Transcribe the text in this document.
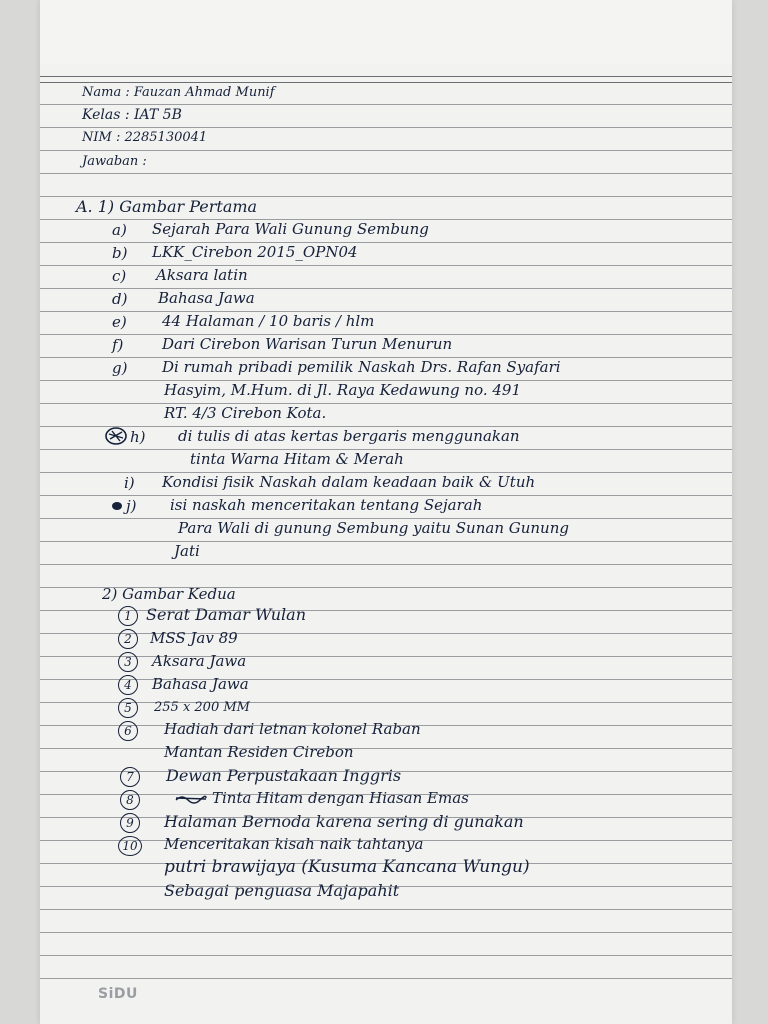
Nama : Fauzan Ahmad Munif
Kelas : IAT 5B
NIM : 2285130041
Jawaban :
A. 1) Gambar Pertama
a) Sejarah Para Wali Gunung Sembung
b) LKK_Cirebon 2015_OPN04
c) Aksara latin
d) Bahasa Jawa
e) 44 Halaman / 10 baris / hlm
f)	Dari Cirebon Warisan Turun Menurun
g) Di rumah pribadi pemilik Naskah Drs. Rafan Syafari
Hasyim, M.Hum. di Jl. Raya Kedawung no. 491
RT. 4/3 Cirebon Kota.
h) di tulis di atas kertas bergaris menggunakan
tinta Warna Hitam & Merah
i) Kondisi fisik Naskah dalam keadaan baik & Utuh
j) isi naskah menceritakan tentang Sejarah
Para Wali di gunung Sembung yaitu Sunan Gunung
Jati
2) Gambar Kedua
1 Serat Damar Wulan
2	MSS Jav 89
3	Aksara Jawa
4	Bahasa Jawa
5	255 x 200 MM
6	Hadiah dari letnan kolonel Raban
Mantan Residen Cirebon
7	Dewan Perpustakaan Inggris
8	Tinta Hitam dengan Hiasan Emas
9	Halaman Bernoda karena sering di gunakan
10 Menceritakan kisah naik tahtanya
putri brawijaya (Kusuma Kancana Wungu)
Sebagai penguasa Majapahit
SiDU
